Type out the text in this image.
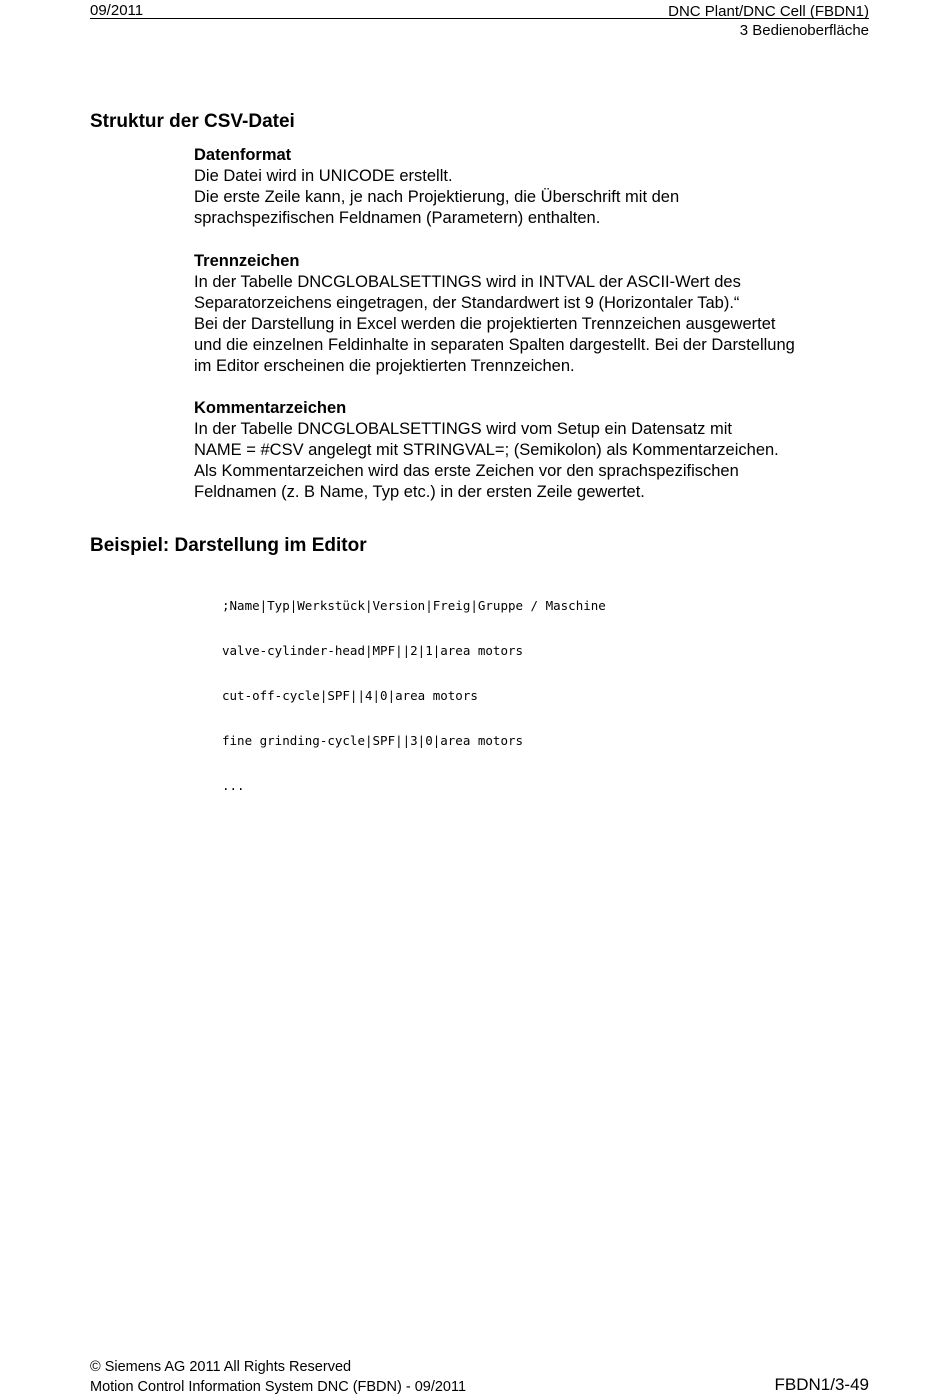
09/2011	DNC Plant/DNC Cell (FBDN1)
3 Bedienoberfläche
Struktur der CSV-Datei

Datenformat

Die Datei wird in UNICODE erstellt.

Die erste Zeile kann, je nach Projektierung, die Überschrift mit den

sprachspezifischen Feldnamen (Parametern) enthalten.

Trennzeichen

In der Tabelle DNCGLOBALSETTINGS wird in INTVAL der ASCII-Wert des

Separatorzeichens eingetragen, der Standardwert ist 9 (Horizontaler Tab).“

Bei der Darstellung in Excel werden die projektierten Trennzeichen ausgewertet

und die einzelnen Feldinhalte in separaten Spalten dargestellt. Bei der Darstellung

im Editor erscheinen die projektierten Trennzeichen.

Kommentarzeichen

In der Tabelle DNCGLOBALSETTINGS wird vom Setup ein Datensatz mit

NAME = #CSV angelegt mit STRINGVAL=; (Semikolon) als Kommentarzeichen.

Als Kommentarzeichen wird das erste Zeichen vor den sprachspezifischen

Feldnamen (z. B Name, Typ etc.) in der ersten Zeile gewertet.

Beispiel: Darstellung im Editor

;Name|Typ|Werkstück|Version|Freig|Gruppe / Maschine

valve-cylinder-head|MPF||2|1|area motors

cut-off-cycle|SPF||4|0|area motors

fine grinding-cycle|SPF||3|0|area motors

...

© Siemens AG 2011 All Rights Reserved
Motion Control Information System DNC (FBDN) - 09/2011	FBDN1/3-49
